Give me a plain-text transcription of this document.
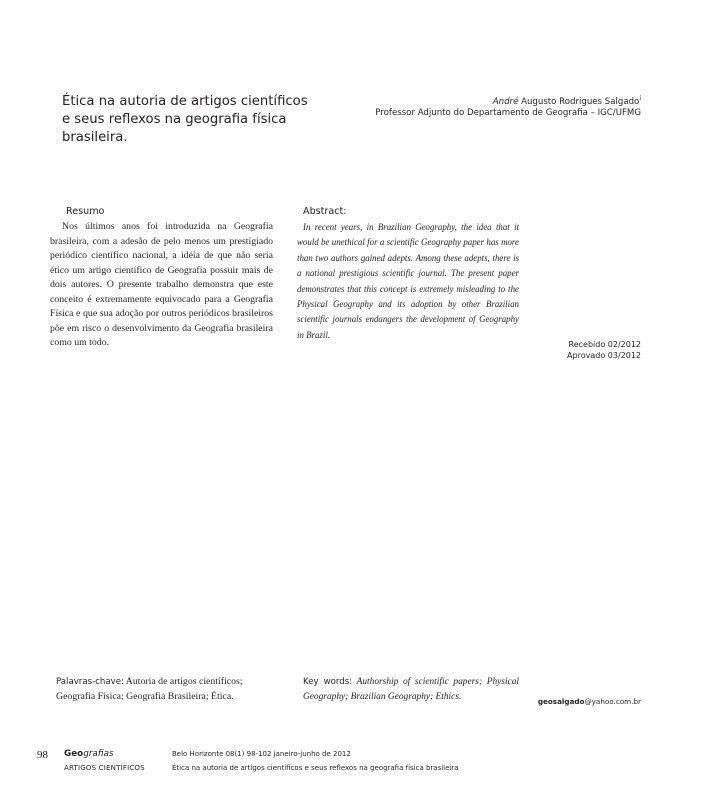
Ética na autoria de artigos científicos e seus reflexos na geografia física brasileira.
André Augusto Rodrigues Salgado$^i$
Professor Adjunto do Departamento de Geografia – IGC/UFMG
Resumo	Abstract:
Nos últimos anos foi introduzida na Geografia brasileira, com a adesão de pelo menos um prestigiado periódico científico nacional, a idéia de que não seria ético um artigo científico de Geografia possuir mais de dois autores. O presente trabalho demonstra que este conceito é extremamente equivocado para a Geografia Física e que sua adoção por outros periódicos brasileiros põe em risco o desenvolvimento da Geografia brasileira como um todo.
In recent years, in Brazilian Geography, the idea that it would be unethical for a scientific Geography paper has more than two authors gained adepts. Among these adepts, there is a national prestigious scientific journal. The present paper demonstrates that this concept is extremely misleading to the Physical Geography and its adoption by other Brazilian scientific journals endangers the development of Geography in Brazil.
Recebido 02/2012
Aprovado 03/2012
Palavras-chave: Autoria de artigos científicos; Geografia Física; Geografia Brasileira; Ética.
Key words: Authorship of scientific papers; Physical Geography; Brazilian Geography; Ethics.	geosalgado@yahoo.com.br
98 Geografias
ARTIGOS CIENTÍFICOS
Belo Horizonte 08(1) 98-102 janeiro-junho de 2012
Ética na autoria de artigos científicos e seus reflexos na geografia física brasileira
